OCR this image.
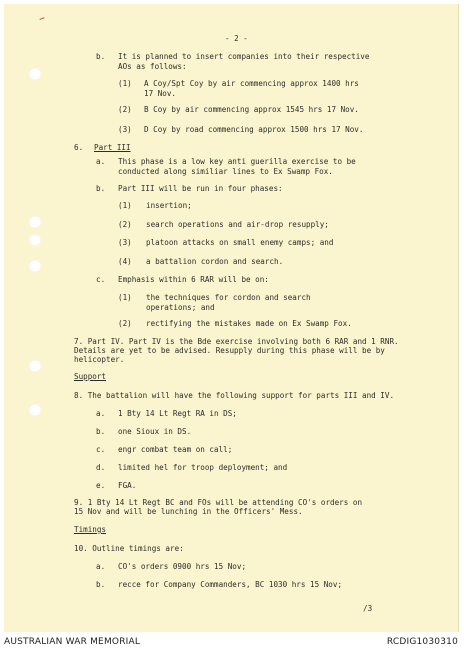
- 2 -
b. It is planned to insert companies into their respective
AOs as follows:
(1) A Coy/Spt Coy by air commencing approx 1400 hrs
17 Nov.
(2) B Coy by air commencing approx 1545 hrs 17 Nov.
(3) D Coy by road commencing approx 1500 hrs 17 Nov.
6. Part III
a. This phase is a low key anti guerilla exercise to be
conducted along similiar lines to Ex Swamp Fox.
b. Part III will be run in four phases:
(1) insertion;
(2) search operations and air-drop resupply;
(3) platoon attacks on small enemy camps; and
(4) a battalion cordon and search.
c. Emphasis within 6 RAR will be on:
(1) the techniques for cordon and search
operations; and
(2) rectifying the mistakes made on Ex Swamp Fox.
7. Part IV. Part IV is the Bde exercise involving both 6 RAR and 1 RNR.
Details are yet to be advised. Resupply during this phase will be by
helicopter.
Support
8. The battalion will have the following support for parts III and IV.
a. 1 Bty 14 Lt Regt RA in DS;
b. one Sioux in DS.
c. engr combat team on call;
d. limited hel for troop deployment; and
e. FGA.
9. 1 Bty 14 Lt Regt BC and FOs will be attending CO's orders on
15 Nov and will be lunching in the Officers' Mess.
Timings
10. Outline timings are:
a. CO's orders 0900 hrs 15 Nov;
b. recce for Company Commanders, BC 1030 hrs 15 Nov;
/3
AUSTRALIAN WAR MEMORIAL	RCDIG1030310
